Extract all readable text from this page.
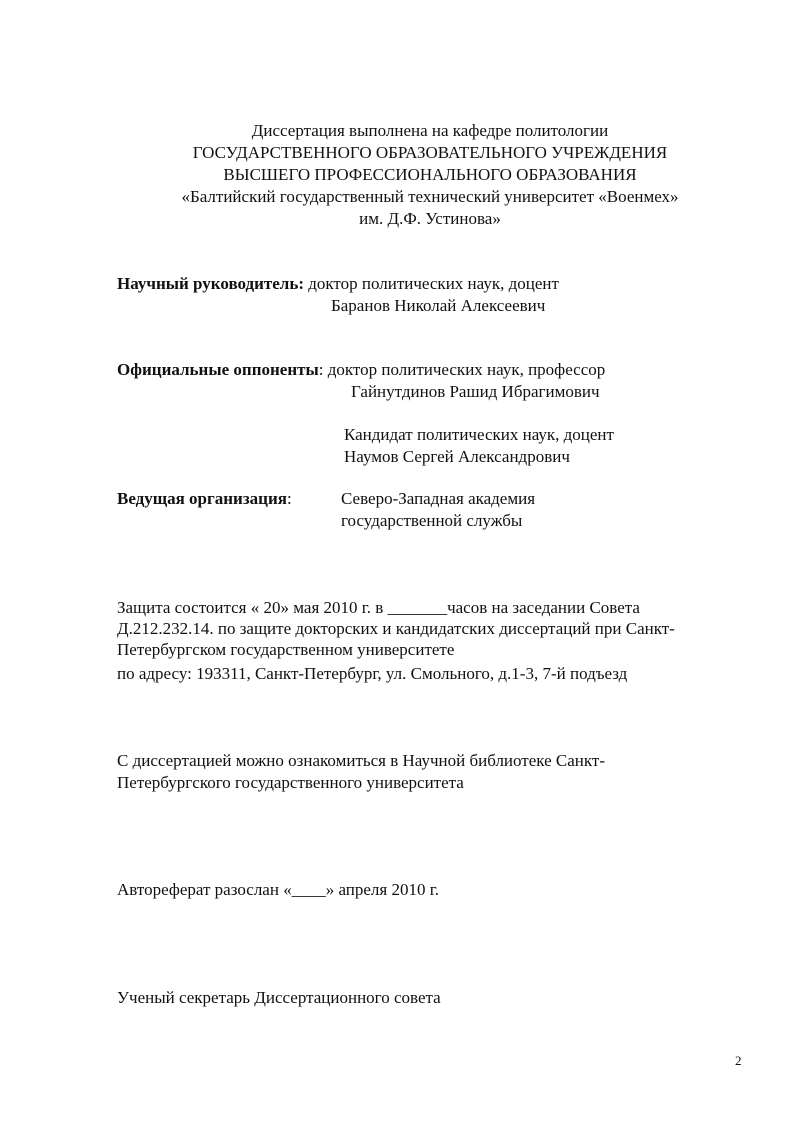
Диссертация выполнена на кафедре политологии
ГОСУДАРСТВЕННОГО ОБРАЗОВАТЕЛЬНОГО УЧРЕЖДЕНИЯ
ВЫСШЕГО ПРОФЕССИОНАЛЬНОГО ОБРАЗОВАНИЯ
«Балтийский государственный технический университет «Военмех»
им. Д.Ф. Устинова»
Научный руководитель: доктор политических наук, доцент
Баранов Николай Алексеевич
Официальные оппоненты: доктор политических наук, профессор
Гайнутдинов Рашид Ибрагимович
Кандидат политических наук, доцент
Наумов Сергей Александрович
Ведущая организация:	Северо-Западная академия
государственной службы
Защита состоится « 20» мая 2010 г. в _______часов на заседании Совета
Д.212.232.14. по защите докторских и кандидатских диссертаций при Санкт-
Петербургском государственном университете
по адресу: 193311, Санкт-Петербург, ул. Смольного, д.1-3, 7-й подъезд
С диссертацией можно ознакомиться в Научной библиотеке Санкт-
Петербургского государственного университета
Автореферат разослан «____» апреля 2010 г.
Ученый секретарь Диссертационного совета
2
